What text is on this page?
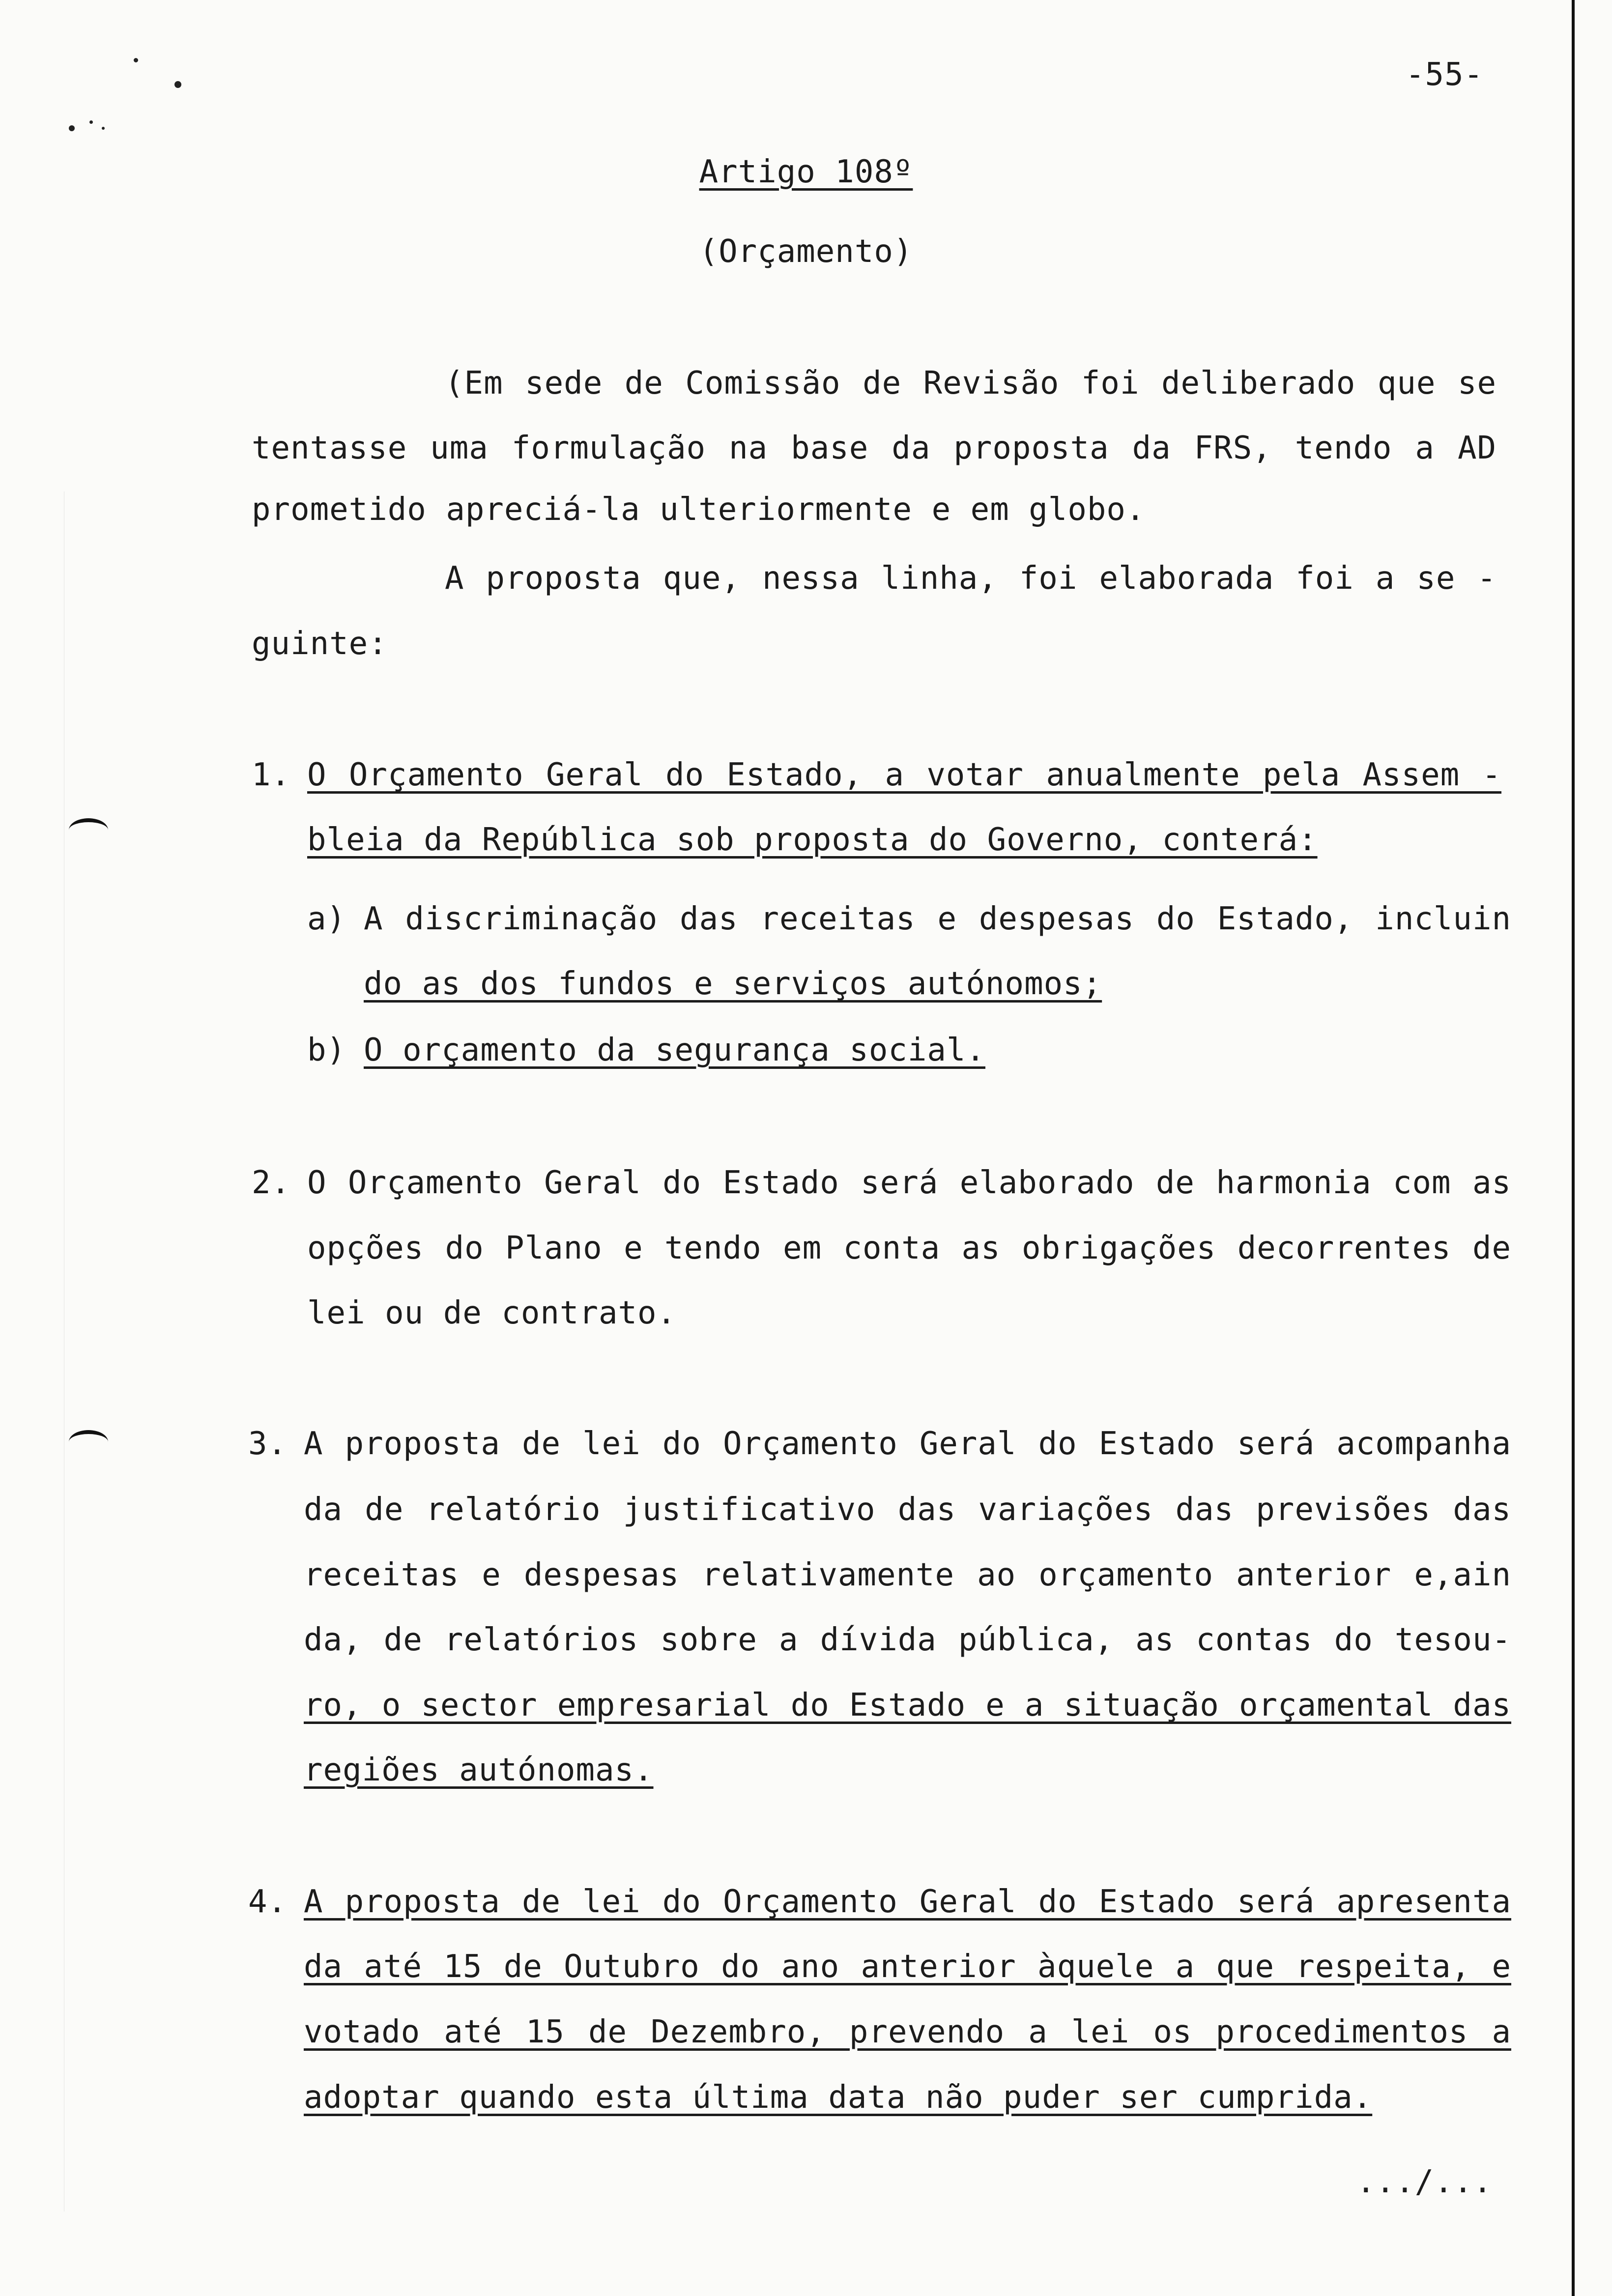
-55-
Artigo 108º
(Orçamento)
(Em sede de Comissão de Revisão foi deliberado que se
tentasse uma formulação na base da proposta da FRS, tendo a AD
prometido apreciá-la ulteriormente e em globo.
A proposta que, nessa linha, foi elaborada foi a se -
guinte:
1. O Orçamento Geral do Estado, a votar anualmente pela Assem -
bleia da República sob proposta do Governo, conterá:
a) A discriminação das receitas e despesas do Estado, incluin
do as dos fundos e serviços autónomos;
b) O orçamento da segurança social.
2. O Orçamento Geral do Estado será elaborado de harmonia com as
opções do Plano e tendo em conta as obrigações decorrentes de
lei ou de contrato.
3. A proposta de lei do Orçamento Geral do Estado será acompanha
da de relatório justificativo das variações das previsões das
receitas e despesas relativamente ao orçamento anterior e,ain
da, de relatórios sobre a dívida pública, as contas do tesou-
ro, o sector empresarial do Estado e a situação orçamental das
regiões autónomas.
4. A proposta de lei do Orçamento Geral do Estado será apresenta
da até 15 de Outubro do ano anterior àquele a que respeita, e
votado até 15 de Dezembro, prevendo a lei os procedimentos a
adoptar quando esta última data não puder ser cumprida.
.../...
